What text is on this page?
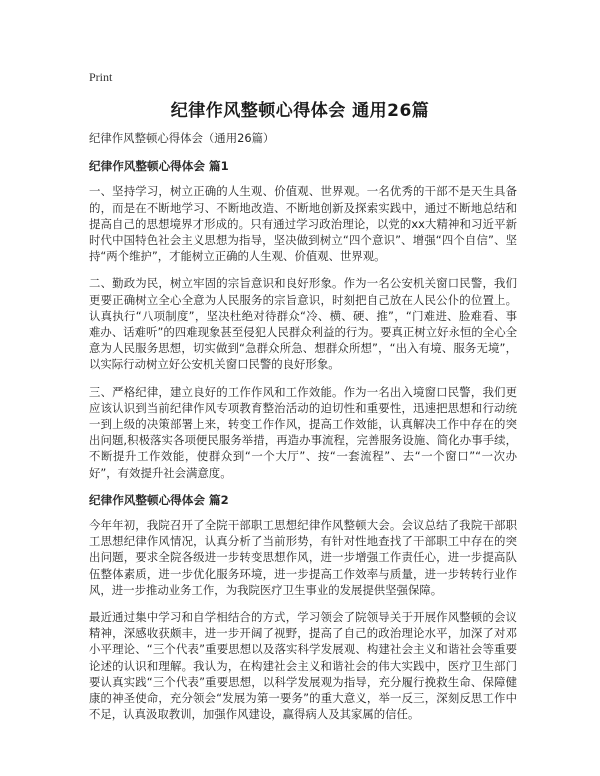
Print
纪律作风整顿心得体会 通用26篇
纪律作风整顿心得体会（通用26篇）
纪律作风整顿心得体会 篇1
一、坚持学习，树立正确的人生观、价值观、世界观。一名优秀的干部不是天生具备的，而是在不断地学习、不断地改造、不断地创新及探索实践中，通过不断地总结和提高自己的思想境界才形成的。只有通过学习政治理论，以党的xx大精神和习近平新时代中国特色社会主义思想为指导，坚决做到树立“四个意识”、增强“四个自信”、坚持“两个维护”，才能树立正确的人生观、价值观、世界观。
二、勤政为民，树立牢固的宗旨意识和良好形象。作为一名公安机关窗口民警，我们更要正确树立全心全意为人民服务的宗旨意识，时刻把自己放在人民公仆的位置上。认真执行“八项制度”，坚决杜绝对待群众“冷、横、硬、推”，“门难进、脸难看、事难办、话难听”的四难现象甚至侵犯人民群众利益的行为。要真正树立好永恒的全心全意为人民服务思想，切实做到“急群众所急、想群众所想”，“出入有境、服务无境”，以实际行动树立好公安机关窗口民警的良好形象。
三、严格纪律，建立良好的工作作风和工作效能。作为一名出入境窗口民警，我们更应该认识到当前纪律作风专项教育整治活动的迫切性和重要性，迅速把思想和行动统一到上级的决策部署上来，转变工作作风，提高工作效能，认真解决工作中存在的突出问题,积极落实各项便民服务举措，再造办事流程，完善服务设施、简化办事手续，不断提升工作效能，使群众到“一个大厅”、按“一套流程”、去“一个窗口”“一次办好”，有效提升社会满意度。
纪律作风整顿心得体会 篇2
今年年初，我院召开了全院干部职工思想纪律作风整顿大会。会议总结了我院干部职工思想纪律作风情况，认真分析了当前形势，有针对性地查找了干部职工中存在的突出问题，要求全院各级进一步转变思想作风，进一步增强工作责任心，进一步提高队伍整体素质，进一步优化服务环境，进一步提高工作效率与质量，进一步转转行业作风，进一步推动业务工作，为我院医疗卫生事业的发展提供坚强保障。
最近通过集中学习和自学相结合的方式，学习领会了院领导关于开展作风整顿的会议精神，深感收获颇丰，进一步开阔了视野，提高了自己的政治理论水平，加深了对邓小平理论、“三个代表”重要思想以及落实科学发展观、构建社会主义和谐社会等重要论述的认识和理解。我认为，在构建社会主义和谐社会的伟大实践中，医疗卫生部门要认真实践“三个代表”重要思想，以科学发展观为指导，充分履行挽救生命、保障健康的神圣使命，充分领会“发展为第一要务”的重大意义，举一反三，深刻反思工作中不足，认真汲取教训，加强作风建设，赢得病人及其家属的信任。
